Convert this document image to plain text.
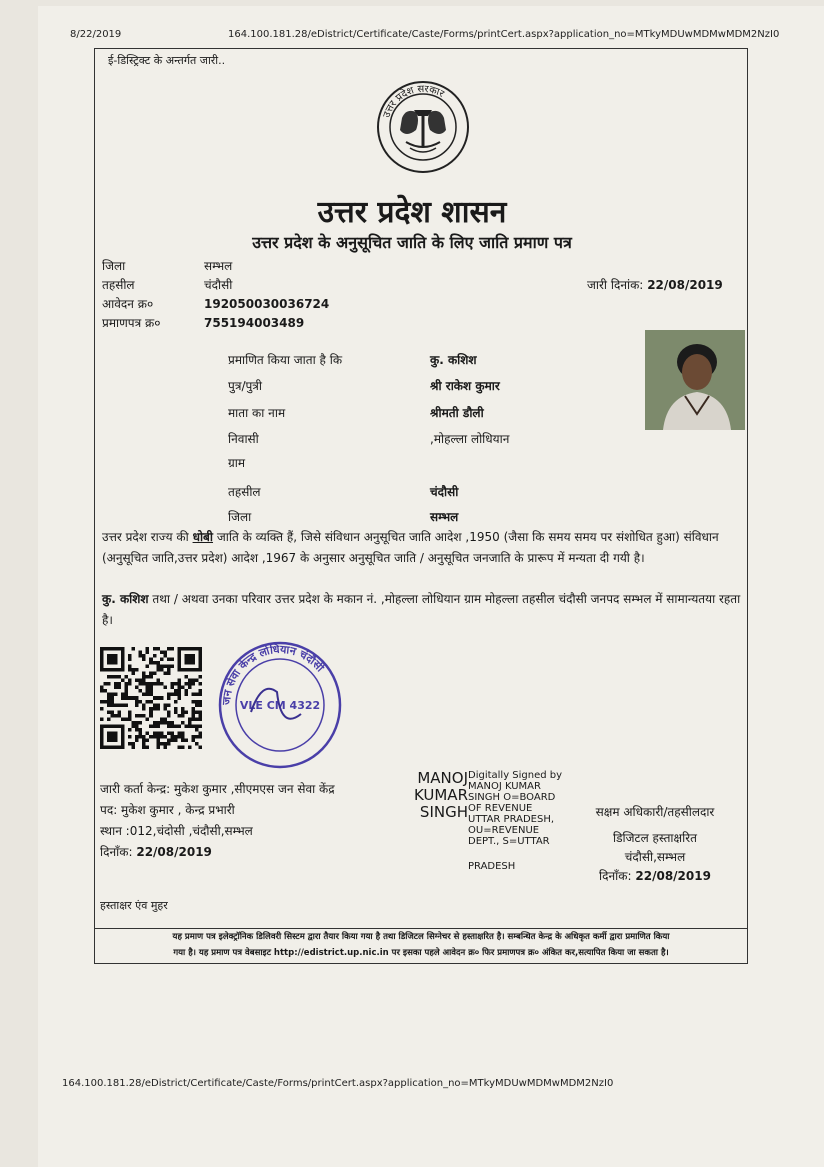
8/22/2019	164.100.181.28/eDistrict/Certificate/Caste/Forms/printCert.aspx?application_no=MTkyMDUwMDMwMDM2NzI0
ई-डिस्ट्रिक्ट के अन्तर्गत जारी..
उत्तर प्रदेश सरकार
उत्तर प्रदेश शासन
उत्तर प्रदेश के अनुसूचित जाति के लिए जाति प्रमाण पत्र
जिला	सम्भल
तहसील	चंदौसी
आवेदन क्र०	192050030036724
प्रमाणपत्र क्र०	755194003489
जारी दिनांक: 22/08/2019
प्रमाणित किया जाता है कि	कु. कशिश
पुत्र/पुत्री	श्री राकेश कुमार
माता का नाम	श्रीमती डौली
निवासी	,मोहल्ला लोधियान
ग्राम
तहसील	चंदौसी
जिला	सम्भल
उत्तर प्रदेश राज्य की धोबी जाति के व्यक्ति हैं, जिसे संविधान अनुसूचित जाति आदेश ,1950 (जैसा कि समय समय पर संशोधित हुआ) संविधान (अनुसूचित जाति,उत्तर प्रदेश) आदेश ,1967 के अनुसार अनुसूचित जाति / अनुसूचित जनजाति के प्रारूप में मन्यता दी गयी है।
कु. कशिश तथा / अथवा उनका परिवार उत्तर प्रदेश के मकान नं. ,मोहल्ला लोधियान ग्राम मोहल्ला तहसील चंदौसी जनपद सम्भल में सामान्यतया रहता है।
जन सेवा केन्द्र लोधियान चंदौसी
VLE CM 4322
जारी कर्ता केन्द्र: मुकेश कुमार ,सीएमएस जन सेवा केंद्र
पद: मुकेश कुमार , केन्द्र प्रभारी
स्थान :012,चंदोसी ,चंदौसी,सम्भल
दिनाँक: 22/08/2019
MANOJ
KUMAR
SINGH
Digitally Signed by
MANOJ KUMAR
SINGH O=BOARD
OF REVENUE
UTTAR PRADESH,
OU=REVENUE
DEPT., S=UTTAR
PRADESH
सक्षम अधिकारी/तहसीलदार
डिजिटल हस्ताक्षरित
चंदौसी,सम्भल
दिनाँक: 22/08/2019
हस्ताक्षर एंव मुहर
यह प्रमाण पत्र इलेक्ट्रॉनिक डिलिवरी सिस्टम द्वारा तैयार किया गया है तथा डिजिटल सिग्नेचर से हस्ताक्षरित है। सम्बन्धित केन्द्र के अधिकृत कर्मी द्वारा प्रमाणित किया
गया है। यह प्रमाण पत्र वेबसाइट http://edistrict.up.nic.in पर इसका पहले आवेदन क्र० फिर प्रमाणपत्र क्र० अंकित कर,सत्यापित किया जा सकता है।
164.100.181.28/eDistrict/Certificate/Caste/Forms/printCert.aspx?application_no=MTkyMDUwMDMwMDM2NzI0
